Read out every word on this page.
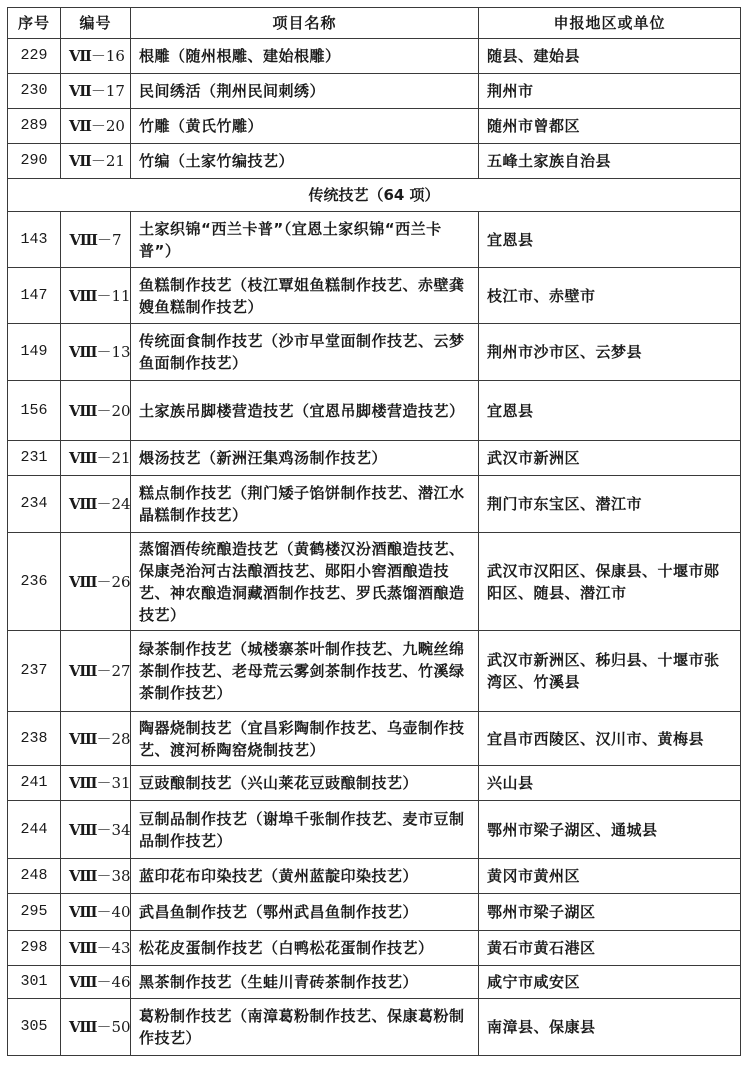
序号	编号	项目名称	申报地区或单位
229	Ⅶ－16	根雕（随州根雕、建始根雕）	随县、建始县
230	Ⅶ－17	民间绣活（荆州民间刺绣）	荆州市
289	Ⅶ－20	竹雕（黄氏竹雕）	随州市曾都区
290	Ⅶ－21	竹编（土家竹编技艺）	五峰土家族自治县
传统技艺（64 项）			
143	Ⅷ－7	土家织锦“西兰卡普”（宜恩土家织锦“西兰卡普”）	宜恩县
147	Ⅷ－11	鱼糕制作技艺（枝江覃姐鱼糕制作技艺、赤壁龚嫂鱼糕制作技艺）	枝江市、赤壁市
149	Ⅷ－13	传统面食制作技艺（沙市早堂面制作技艺、云梦鱼面制作技艺）	荆州市沙市区、云梦县
156	Ⅷ－20	土家族吊脚楼营造技艺（宜恩吊脚楼营造技艺）	宜恩县
231	Ⅷ－21	煨汤技艺（新洲汪集鸡汤制作技艺）	武汉市新洲区
234	Ⅷ－24	糕点制作技艺（荆门矮子馅饼制作技艺、潜江水晶糕制作技艺）	荆门市东宝区、潜江市
236	Ⅷ－26	蒸馏酒传统酿造技艺（黄鹤楼汉汾酒酿造技艺、保康尧治河古法酿酒技艺、郧阳小窖酒酿造技艺、神农酿造洞藏酒制作技艺、罗氏蒸馏酒酿造技艺）	武汉市汉阳区、保康县、十堰市郧阳区、随县、潜江市
237	Ⅷ－27	绿茶制作技艺（城楼寨茶叶制作技艺、九畹丝绵茶制作技艺、老母荒云雾剑茶制作技艺、竹溪绿茶制作技艺）	武汉市新洲区、秭归县、十堰市张湾区、竹溪县
238	Ⅷ－28	陶器烧制技艺（宜昌彩陶制作技艺、乌壶制作技艺、渡河桥陶窑烧制技艺）	宜昌市西陵区、汉川市、黄梅县
241	Ⅷ－31	豆豉酿制技艺（兴山莱花豆豉酿制技艺）	兴山县
244	Ⅷ－34	豆制品制作技艺（谢埠千张制作技艺、麦市豆制品制作技艺）	鄂州市梁子湖区、通城县
248	Ⅷ－38	蓝印花布印染技艺（黄州蓝靛印染技艺）	黄冈市黄州区
295	Ⅷ－40	武昌鱼制作技艺（鄂州武昌鱼制作技艺）	鄂州市梁子湖区
298	Ⅷ－43	松花皮蛋制作技艺（白鸭松花蛋制作技艺）	黄石市黄石港区
301	Ⅷ－46	黑茶制作技艺（生蛙川青砖茶制作技艺）	咸宁市咸安区
305	Ⅷ－50	葛粉制作技艺（南漳葛粉制作技艺、保康葛粉制作技艺）	南漳县、保康县
